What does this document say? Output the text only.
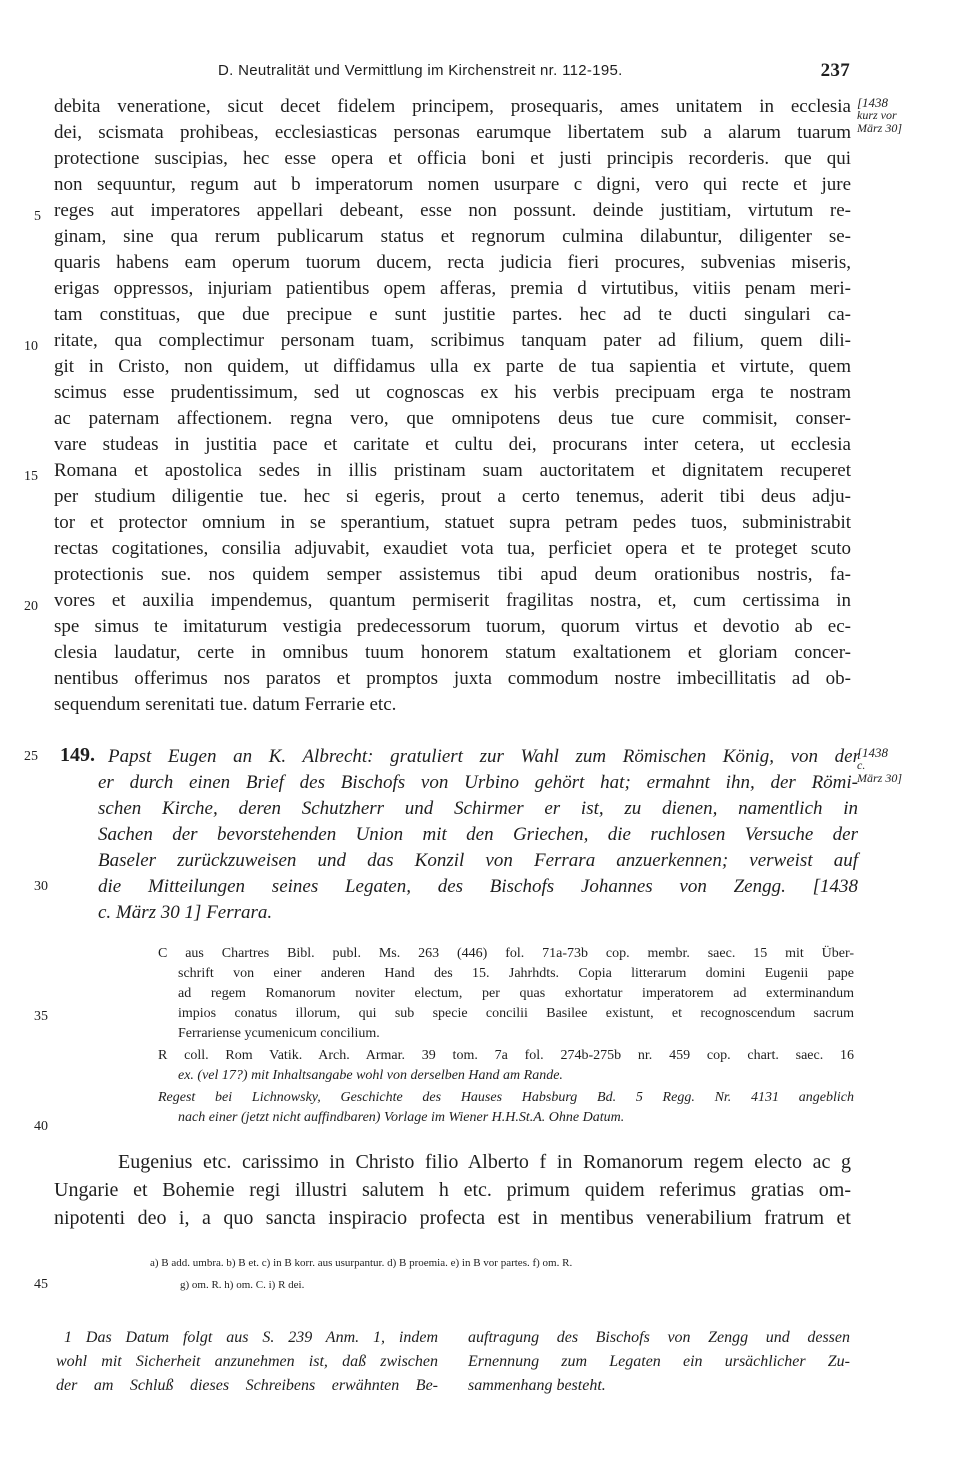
D. Neutralität und Vermittlung im Kirchenstreit nr. 112-195.	237
[1438
kurz vor
März 30]
[1438
c.
März 30]
5
10
15
20
debita veneratione, sicut decet fidelem principem, prosequaris, ames unitatem in ecclesia
dei, scismata prohibeas, ecclesiasticas personas earumque libertatem sub a alarum tuarum
protectione suscipias, hec esse opera et officia boni et justi principis recorderis. que qui
non sequuntur, regum aut b imperatorum nomen usurpare c digni, vero qui recte et jure
reges aut imperatores appellari debeant, esse non possunt. deinde justitiam, virtutum re-
ginam, sine qua rerum publicarum status et regnorum culmina dilabuntur, diligenter se-
quaris habens eam operum tuorum ducem, recta judicia fieri procures, subvenias miseris,
erigas oppressos, injuriam patientibus opem afferas, premia d virtutibus, vitiis penam meri-
tam constituas, que due precipue e sunt justitie partes. hec ad te ducti singulari ca-
ritate, qua complectimur personam tuam, scribimus tanquam pater ad filium, quem dili-
git in Cristo, non quidem, ut diffidamus ulla ex parte de tua sapientia et virtute, quem
scimus esse prudentissimum, sed ut cognoscas ex his verbis precipuam erga te nostram
ac paternam affectionem. regna vero, que omnipotens deus tue cure commisit, conser-
vare studeas in justitia pace et caritate et cultu dei, procurans inter cetera, ut ecclesia
Romana et apostolica sedes in illis pristinam suam auctoritatem et dignitatem recuperet
per studium diligentie tue. hec si egeris, prout a certo tenemus, aderit tibi deus adju-
tor et protector omnium in se sperantium, statuet supra petram pedes tuos, subministrabit
rectas cogitationes, consilia adjuvabit, exaudiet vota tua, perficiet opera et te proteget scuto
protectionis sue. nos quidem semper assistemus tibi apud deum orationibus nostris, fa-
vores et auxilia impendemus, quantum permiserit fragilitas nostra, et, cum certissima in
spe simus te imitaturum vestigia predecessorum tuorum, quorum virtus et devotio ab ec-
clesia laudatur, certe in omnibus tuum honorem statum exaltationem et gloriam concer-
nentibus offerimus nos paratos et promptos juxta commodum nostre imbecillitatis ad ob-
sequendum serenitati tue. datum Ferrarie etc.
25
30
149. Papst Eugen an K. Albrecht: gratuliert zur Wahl zum Römischen König, von der
er durch einen Brief des Bischofs von Urbino gehört hat; ermahnt ihn, der Römi-
schen Kirche, deren Schutzherr und Schirmer er ist, zu dienen, namentlich in
Sachen der bevorstehenden Union mit den Griechen, die ruchlosen Versuche der
Baseler zurückzuweisen und das Konzil von Ferrara anzuerkennen; verweist auf
die Mitteilungen seines Legaten, des Bischofs Johannes von Zengg. [1438
c. März 30 1] Ferrara.
35
40
C aus Chartres Bibl. publ. Ms. 263 (446) fol. 71a-73b cop. membr. saec. 15 mit Über-
schrift von einer anderen Hand des 15. Jahrhdts. Copia litterarum domini Eugenii pape
ad regem Romanorum noviter electum, per quas exhortatur imperatorem ad exterminandum
impios conatus illorum, qui sub specie concilii Basilee existunt, et recognoscendum sacrum
Ferrariense ycumenicum concilium.
R coll. Rom Vatik. Arch. Armar. 39 tom. 7a fol. 274b-275b nr. 459 cop. chart. saec. 16
ex. (vel 17?) mit Inhaltsangabe wohl von derselben Hand am Rande.
Regest bei Lichnowsky, Geschichte des Hauses Habsburg Bd. 5 Regg. Nr. 4131 angeblich
nach einer (jetzt nicht auffindbaren) Vorlage im Wiener H.H.St.A. Ohne Datum.
Eugenius etc. carissimo in Christo filio Alberto f in Romanorum regem electo ac g
Ungarie et Bohemie regi illustri salutem h etc. primum quidem referimus gratias om-
nipotenti deo i, a quo sancta inspiracio profecta est in mentibus venerabilium fratrum et
45
a) B add. umbra. b) B et. c) in B korr. aus usurpantur. d) B proemia. e) in B vor partes. f) om. R.
g) om. R. h) om. C. i) R dei.
1 Das Datum folgt aus S. 239 Anm. 1, indem
wohl mit Sicherheit anzunehmen ist, daß zwischen
der am Schluß dieses Schreibens erwähnten Be-
auftragung des Bischofs von Zengg und dessen
Ernennung zum Legaten ein ursächlicher Zu-
sammenhang besteht.
